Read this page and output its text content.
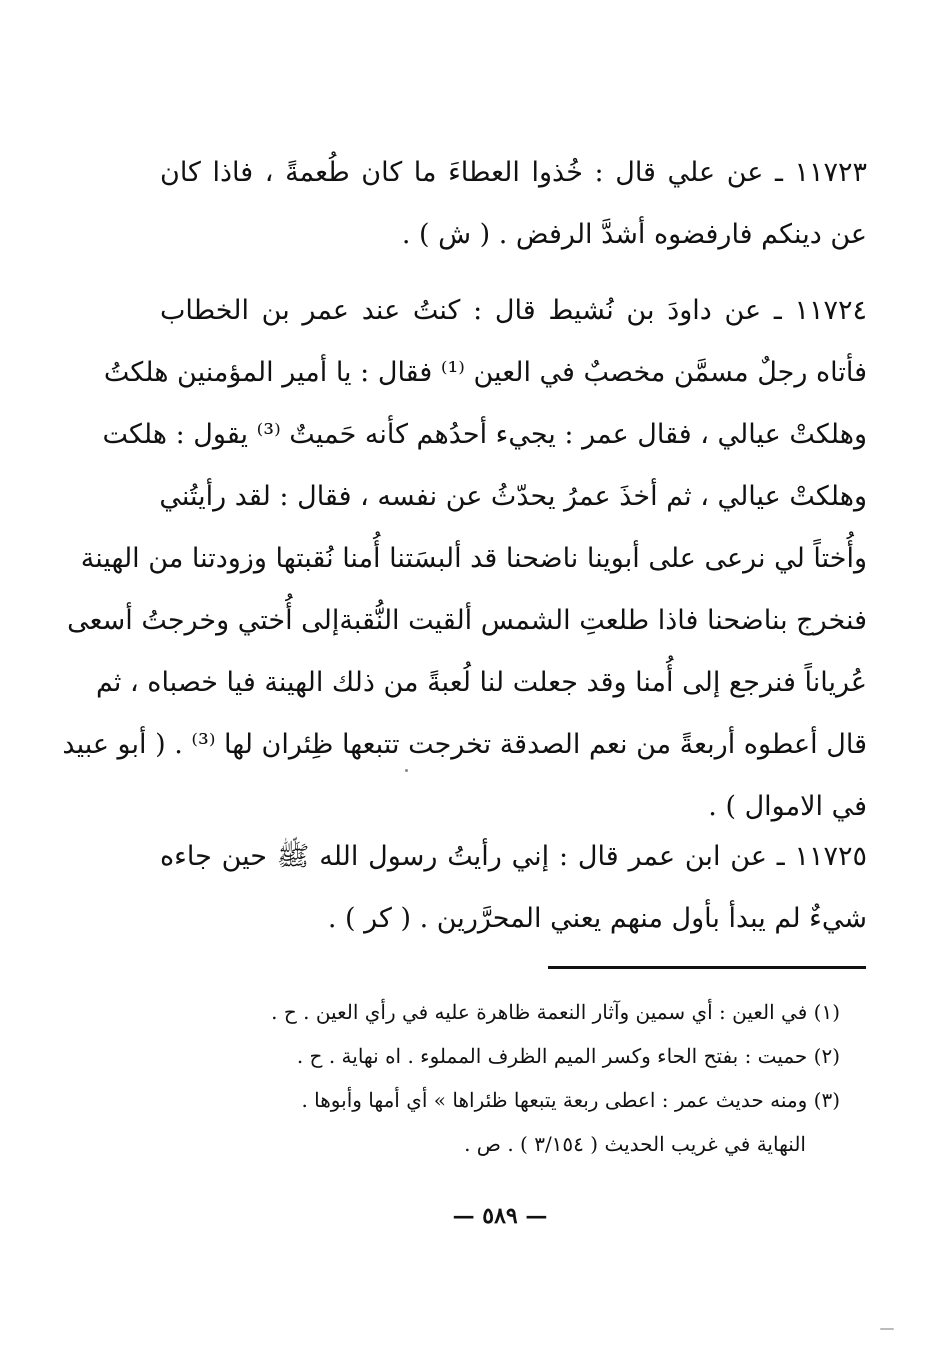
١١٧٢٣ ـ عن علي قال : خُذوا العطاءَ ما كان طُعمةً ، فاذا كان
عن دينكم فارفضوه أشدَّ الرفض . ( ش ) .
١١٧٢٤ ـ عن داودَ بن نُشيط قال : كنتُ عند عمر بن الخطاب
فأتاه رجلٌ مسمَّن مخصبٌ في العين ⁽¹⁾ فقال : يا أمير المؤمنين هلكتُ
وهلكتْ عيالي ، فقال عمر : يجيء أحدُهم كأنه حَميتٌ ⁽³⁾ يقول : هلكت
وهلكتْ عيالي ، ثم أخذَ عمرُ يحدّثُ عن نفسه ، فقال : لقد رأيتُني
وأُختاً لي نرعى على أبوينا ناضحنا قد ألبسَتنا أُمنا نُقبتها وزودتنا من الهينة
فنخرج بناضحنا فاذا طلعتِ الشمس ألقيت النُّقبةإلى أُختي وخرجتُ أسعى
عُرياناً فنرجع إلى أُمنا وقد جعلت لنا لُعبةً من ذلك الهينة فيا خصباه ، ثم
قال أعطوه أربعةً من نعم الصدقة تخرجت تتبعها ظِئران لها ⁽³⁾ . ( أبو عبيد
في الاموال ) .
١١٧٢٥ ـ عن ابن عمر قال : إني رأيتُ رسول الله ﷺ حين جاءه
شيءٌ لم يبدأ بأول منهم يعني المحرَّرين . ( كر ) .
(١) في العين : أي سمين وآثار النعمة ظاهرة عليه في رأي العين . ح .
(٢) حميت : بفتح الحاء وكسر الميم الظرف المملوء . اه نهاية . ح .
(٣) ومنه حديث عمر : اعطى ربعة يتبعها ظئراها » أي أمها وأبوها .
النهاية في غريب الحديث ( ٣/١٥٤ ) . ص .
— ٥٨٩ —
